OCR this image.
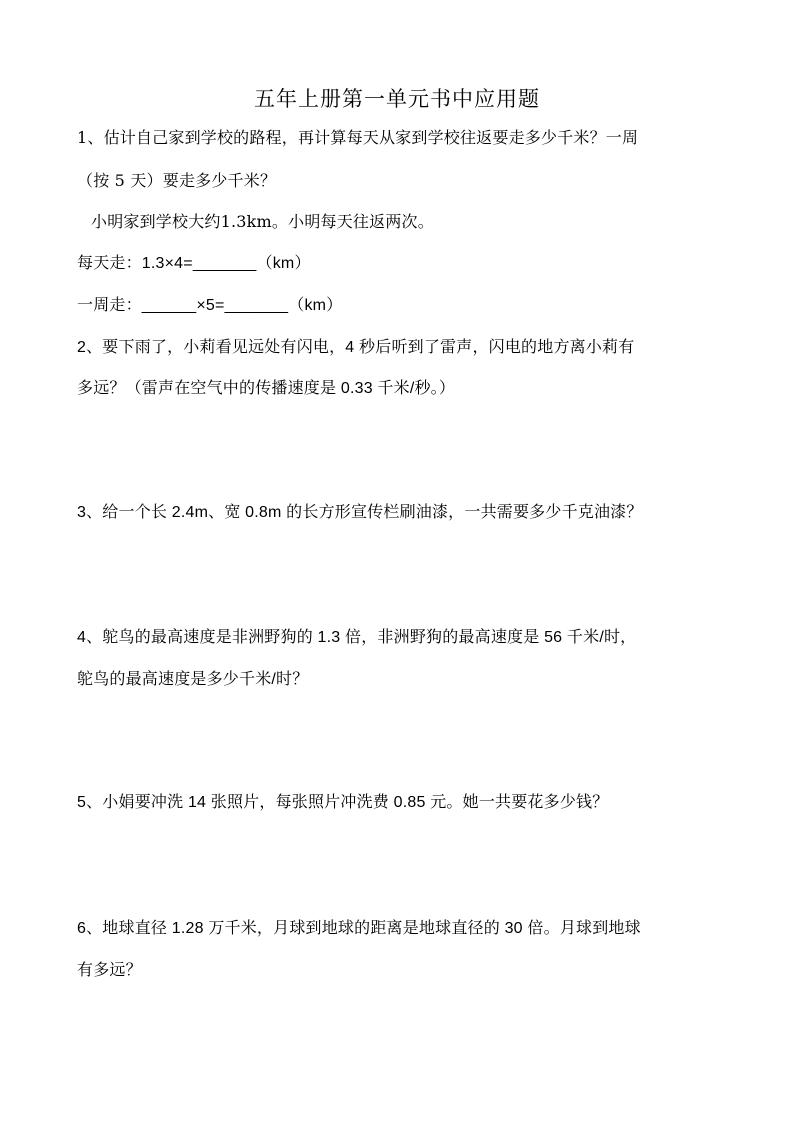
五年上册第一单元书中应用题
1、估计自己家到学校的路程，再计算每天从家到学校往返要走多少千米？一周
（按 5 天）要走多少千米？
小明家到学校大约1.3km。小明每天往返两次。
每天走：1.3×4=_______（km）
一周走：______×5=_______（km）
2、要下雨了，小莉看见远处有闪电，4 秒后听到了雷声，闪电的地方离小莉有
多远？（雷声在空气中的传播速度是 0.33 千米/秒。）
3、给一个长 2.4m、宽 0.8m 的长方形宣传栏刷油漆，一共需要多少千克油漆？
4、鸵鸟的最高速度是非洲野狗的 1.3 倍，非洲野狗的最高速度是 56 千米/时，
鸵鸟的最高速度是多少千米/时？
5、小娟要冲洗 14 张照片，每张照片冲洗费 0.85 元。她一共要花多少钱？
6、地球直径 1.28 万千米，月球到地球的距离是地球直径的 30 倍。月球到地球
有多远？
